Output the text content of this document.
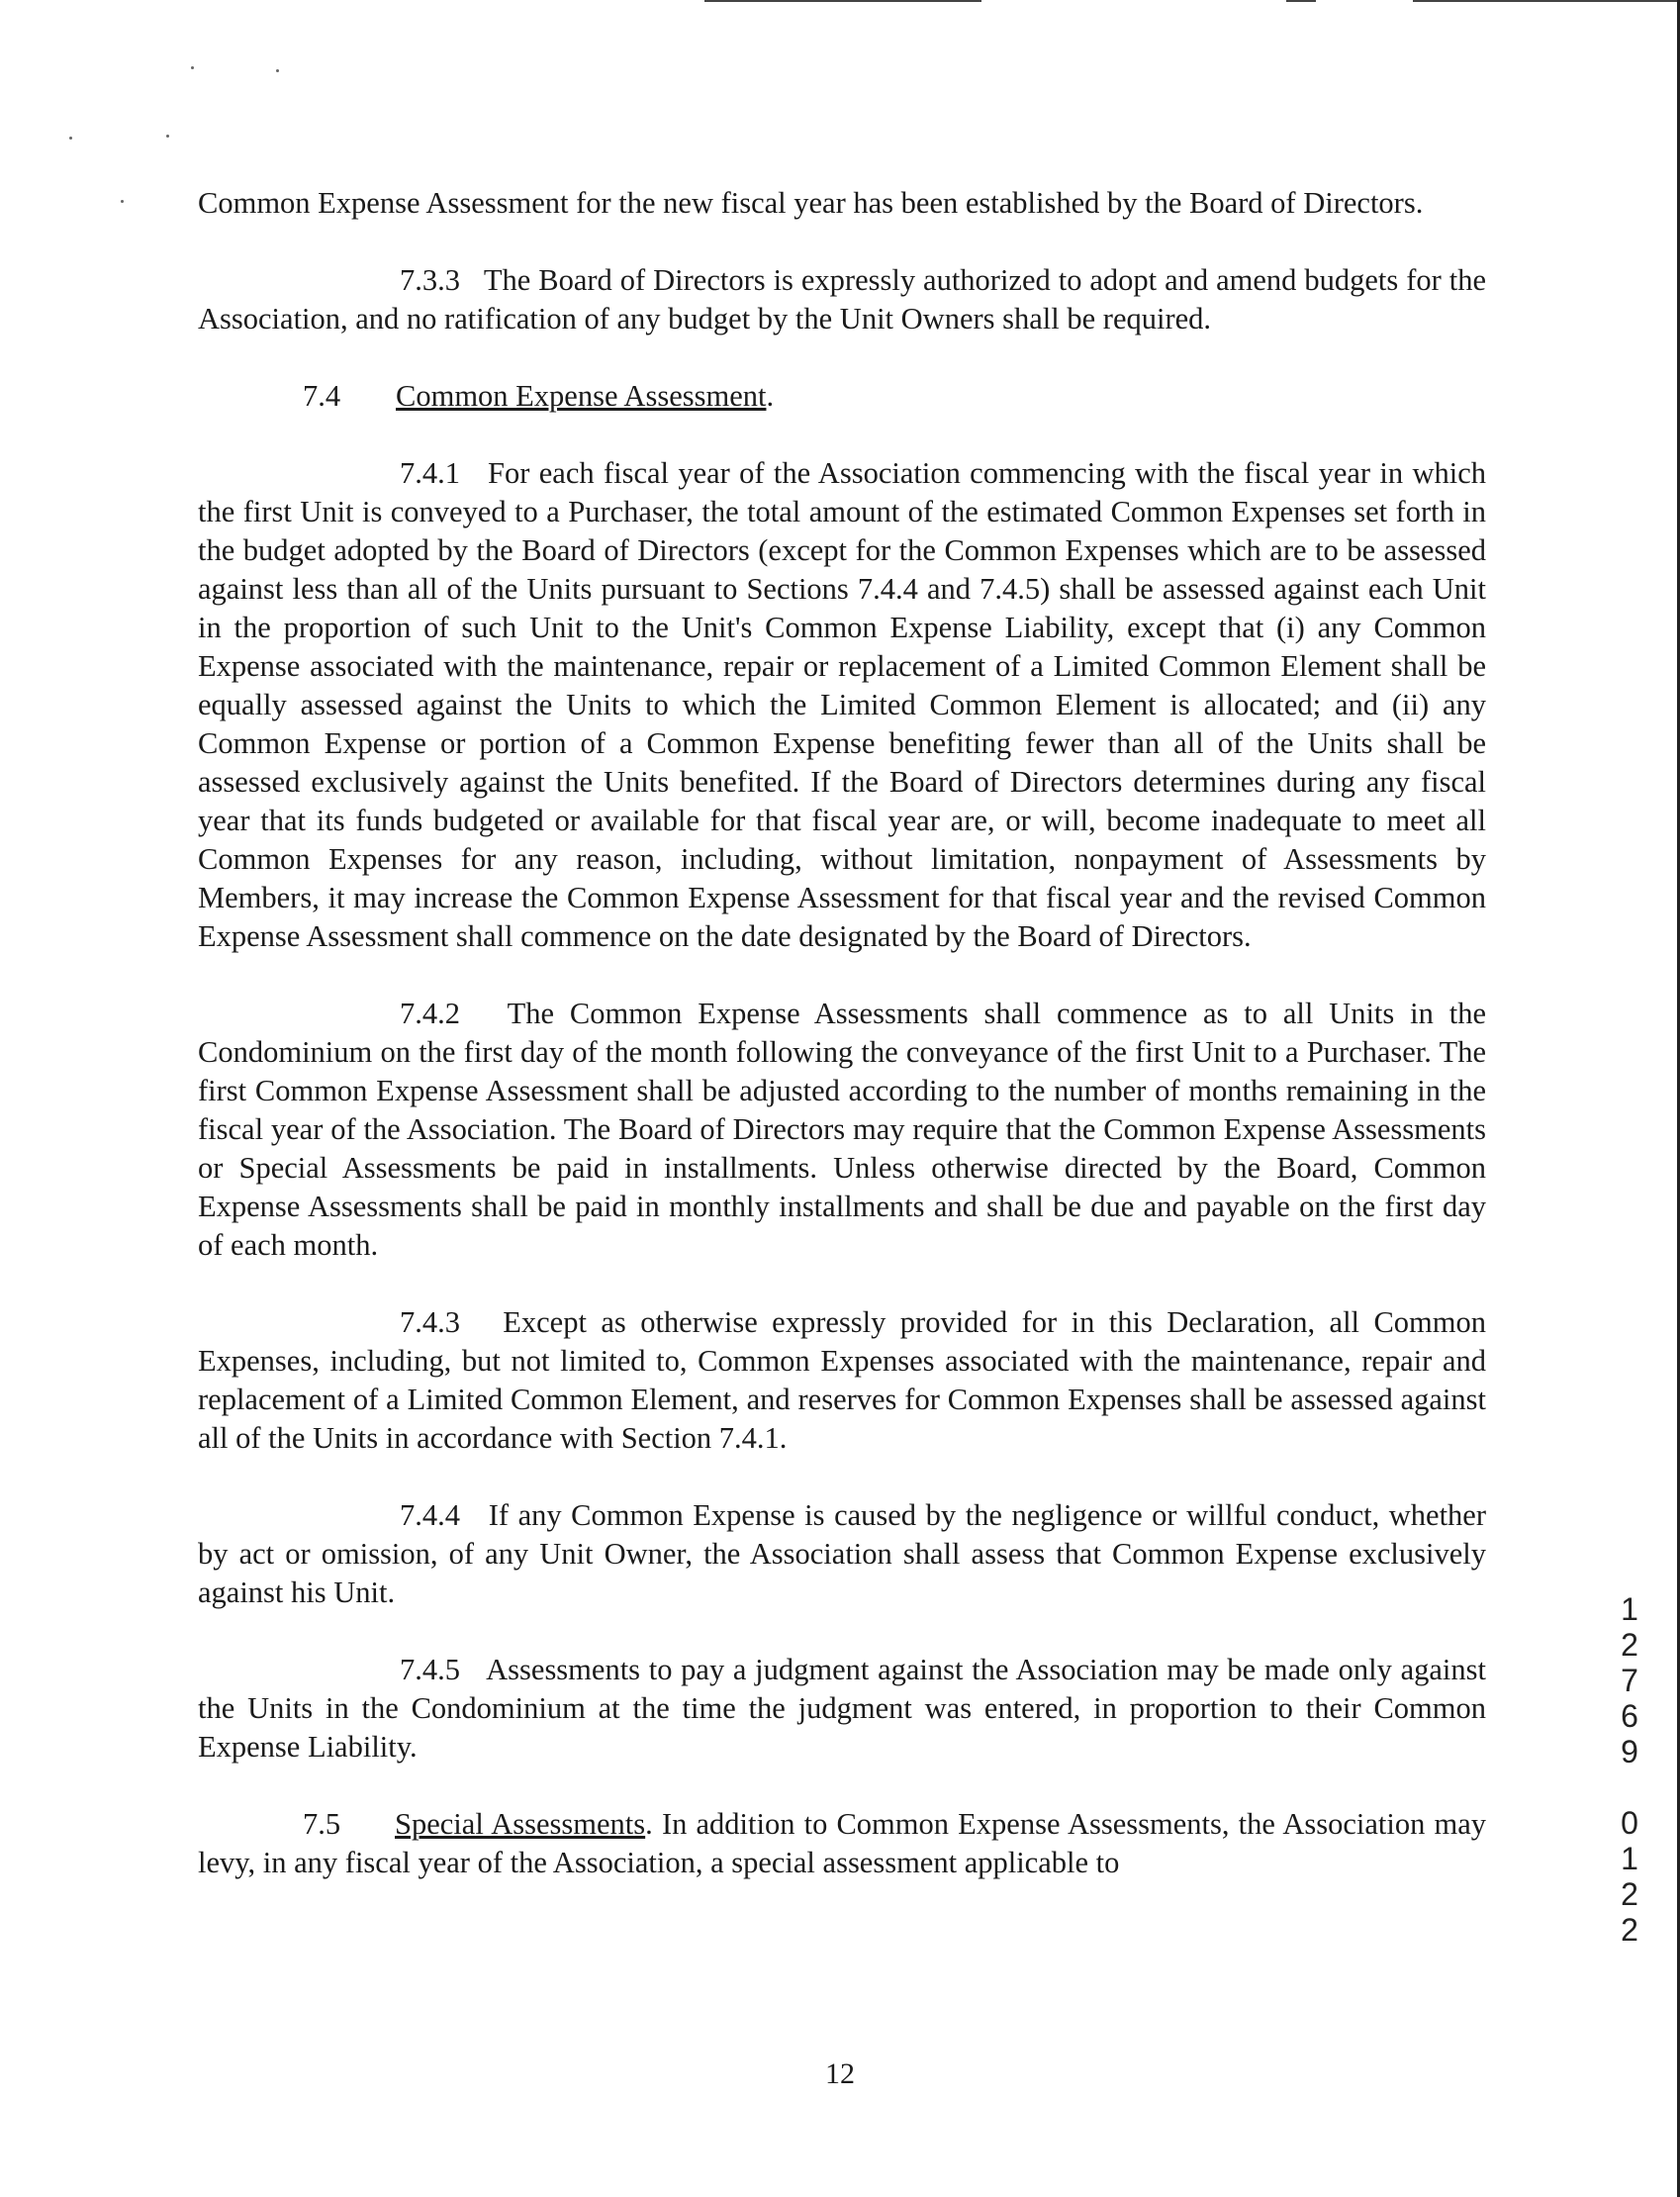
Common Expense Assessment for the new fiscal year has been established by the Board of Directors.

7.3.3 The Board of Directors is expressly authorized to adopt and amend budgets for the Association, and no ratification of any budget by the Unit Owners shall be required.

7.4 Common Expense Assessment.

7.4.1 For each fiscal year of the Association commencing with the fiscal year in which the first Unit is conveyed to a Purchaser, the total amount of the estimated Common Expenses set forth in the budget adopted by the Board of Directors (except for the Common Expenses which are to be assessed against less than all of the Units pursuant to Sections 7.4.4 and 7.4.5) shall be assessed against each Unit in the proportion of such Unit to the Unit's Common Expense Liability, except that (i) any Common Expense associated with the maintenance, repair or replacement of a Limited Common Element shall be equally assessed against the Units to which the Limited Common Element is allocated; and (ii) any Common Expense or portion of a Common Expense benefiting fewer than all of the Units shall be assessed exclusively against the Units benefited. If the Board of Directors determines during any fiscal year that its funds budgeted or available for that fiscal year are, or will, become inadequate to meet all Common Expenses for any reason, including, without limitation, nonpayment of Assessments by Members, it may increase the Common Expense Assessment for that fiscal year and the revised Common Expense Assessment shall commence on the date designated by the Board of Directors.

7.4.2 The Common Expense Assessments shall commence as to all Units in the Condominium on the first day of the month following the conveyance of the first Unit to a Purchaser. The first Common Expense Assessment shall be adjusted according to the number of months remaining in the fiscal year of the Association. The Board of Directors may require that the Common Expense Assessments or Special Assessments be paid in installments. Unless otherwise directed by the Board, Common Expense Assessments shall be paid in monthly installments and shall be due and payable on the first day of each month.

7.4.3 Except as otherwise expressly provided for in this Declaration, all Common Expenses, including, but not limited to, Common Expenses associated with the maintenance, repair and replacement of a Limited Common Element, and reserves for Common Expenses shall be assessed against all of the Units in accordance with Section 7.4.1.

7.4.4 If any Common Expense is caused by the negligence or willful conduct, whether by act or omission, of any Unit Owner, the Association shall assess that Common Expense exclusively against his Unit.

7.4.5 Assessments to pay a judgment against the Association may be made only against the Units in the Condominium at the time the judgment was entered, in proportion to their Common Expense Liability.

7.5 Special Assessments. In addition to Common Expense Assessments, the Association may levy, in any fiscal year of the Association, a special assessment applicable to

12
12769 0122
